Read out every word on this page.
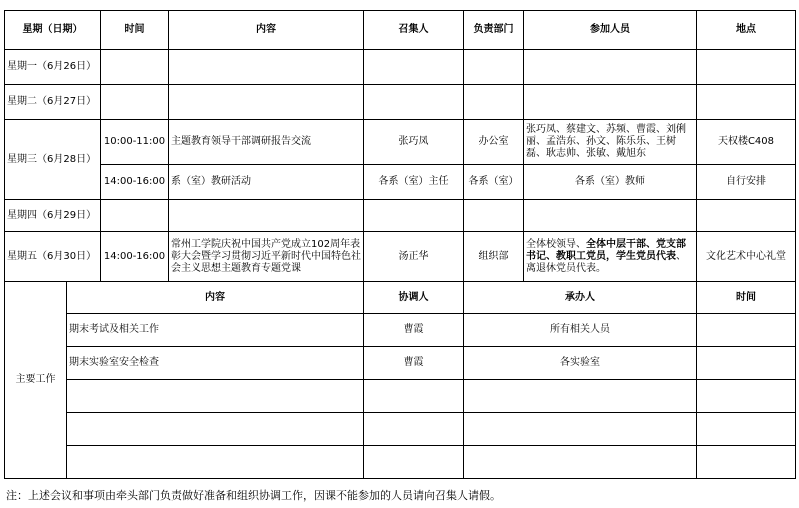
星期（日期）		时间	内容	召集人	负责部门	参加人员	地点
星期一（6月26日）							
星期二（6月27日）							
星期三（6月28日）		10:00-11:00	主题教育领导干部调研报告交流	张巧凤	办公室	张巧凤、蔡建文、苏频、曹霞、刘俐丽、孟浩东、孙文、陈乐乐、王树磊、耿志帅、张敏、戴旭东	天权楼C408
		14:00-16:00	系（室）教研活动	各系（室）主任	各系（室）	各系（室）教师	自行安排
星期四（6月29日）							
星期五（6月30日）		14:00-16:00	常州工学院庆祝中国共产党成立102周年表彰大会暨学习贯彻习近平新时代中国特色社会主义思想主题教育专题党课	汤正华	组织部	全体校领导、全体中层干部、党支部书记、教职工党员，学生党员代表、离退休党员代表。	文化艺术中心礼堂
主要工作	内容			协调人	承办人		时间
	期末考试及相关工作			曹霞	所有相关人员		
	期末实验室安全检查			曹霞	各实验室		

注：上述会议和事项由牵头部门负责做好准备和组织协调工作，因课不能参加的人员请向召集人请假。
